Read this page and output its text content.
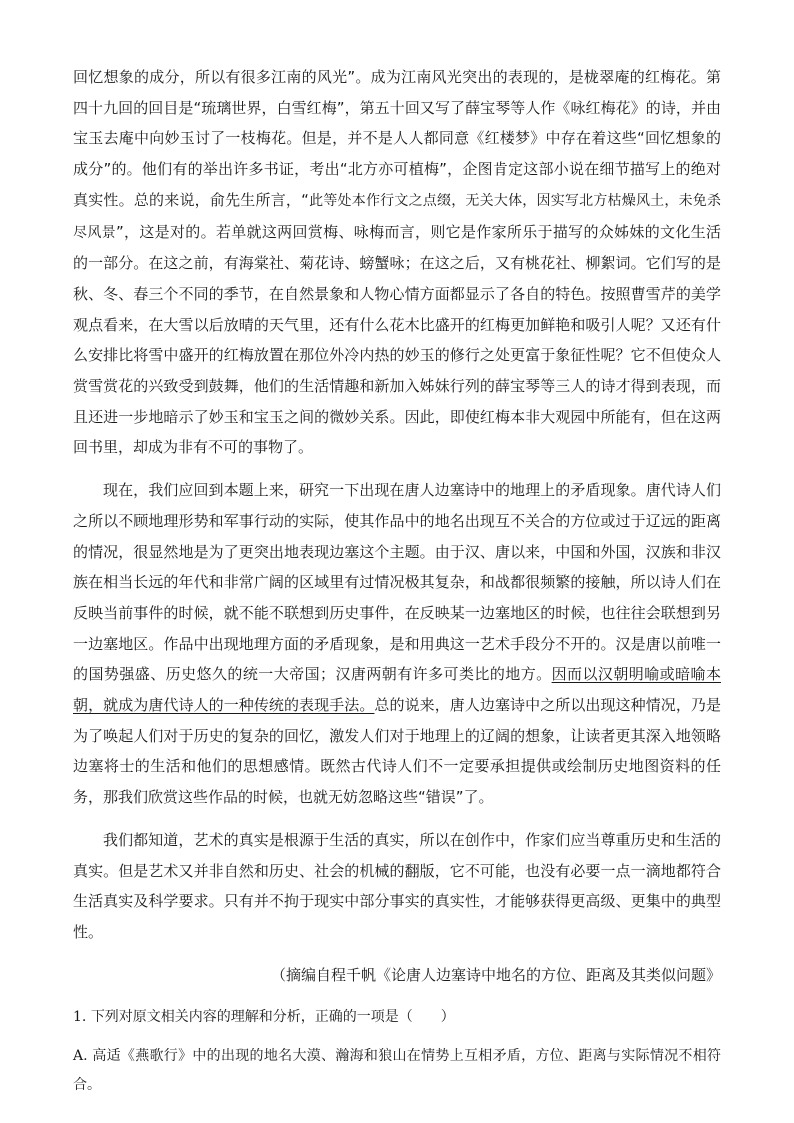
回忆想象的成分，所以有很多江南的风光”。成为江南风光突出的表现的，是栊翠庵的红梅花。第四十九回的回目是“琉璃世界，白雪红梅”，第五十回又写了薛宝琴等人作《咏红梅花》的诗，并由宝玉去庵中向妙玉讨了一枝梅花。但是，并不是人人都同意《红楼梦》中存在着这些“回忆想象的成分”的。他们有的举出许多书证，考出“北方亦可植梅”，企图肯定这部小说在细节描写上的绝对真实性。总的来说，俞先生所言，“此等处本作行文之点缀，无关大体，因实写北方枯燥风土，未免杀尽风景”，这是对的。若单就这两回赏梅、咏梅而言，则它是作家所乐于描写的众姊妹的文化生活的一部分。在这之前，有海棠社、菊花诗、螃蟹咏；在这之后，又有桃花社、柳絮词。它们写的是秋、冬、春三个不同的季节，在自然景象和人物心情方面都显示了各自的特色。按照曹雪芹的美学观点看来，在大雪以后放晴的天气里，还有什么花木比盛开的红梅更加鲜艳和吸引人呢？又还有什么安排比将雪中盛开的红梅放置在那位外冷内热的妙玉的修行之处更富于象征性呢？它不但使众人赏雪赏花的兴致受到鼓舞，他们的生活情趣和新加入姊妹行列的薛宝琴等三人的诗才得到表现，而且还进一步地暗示了妙玉和宝玉之间的微妙关系。因此，即使红梅本非大观园中所能有，但在这两回书里，却成为非有不可的事物了。

现在，我们应回到本题上来，研究一下出现在唐人边塞诗中的地理上的矛盾现象。唐代诗人们之所以不顾地理形势和军事行动的实际，使其作品中的地名出现互不关合的方位或过于辽远的距离的情况，很显然地是为了更突出地表现边塞这个主题。由于汉、唐以来，中国和外国，汉族和非汉族在相当长远的年代和非常广阔的区域里有过情况极其复杂，和战都很频繁的接触，所以诗人们在反映当前事件的时候，就不能不联想到历史事件，在反映某一边塞地区的时候，也往往会联想到另一边塞地区。作品中出现地理方面的矛盾现象，是和用典这一艺术手段分不开的。汉是唐以前唯一的国势强盛、历史悠久的统一大帝国；汉唐两朝有许多可类比的地方。因而以汉朝明喻或暗喻本朝，就成为唐代诗人的一种传统的表现手法。总的说来，唐人边塞诗中之所以出现这种情况，乃是为了唤起人们对于历史的复杂的回忆，激发人们对于地理上的辽阔的想象，让读者更其深入地领略边塞将士的生活和他们的思想感情。既然古代诗人们不一定要承担提供或绘制历史地图资料的任务，那我们欣赏这些作品的时候，也就无妨忽略这些“错误”了。

我们都知道，艺术的真实是根源于生活的真实，所以在创作中，作家们应当尊重历史和生活的真实。但是艺术又并非自然和历史、社会的机械的翻版，它不可能，也没有必要一点一滴地都符合生活真实及科学要求。只有并不拘于现实中部分事实的真实性，才能够获得更高级、更集中的典型性。

（摘编自程千帆《论唐人边塞诗中地名的方位、距离及其类似问题》

1. 下列对原文相关内容的理解和分析，正确的一项是（　　）

A. 高适《燕歌行》中的出现的地名大漠、瀚海和狼山在情势上互相矛盾，方位、距离与实际情况不相符合。
